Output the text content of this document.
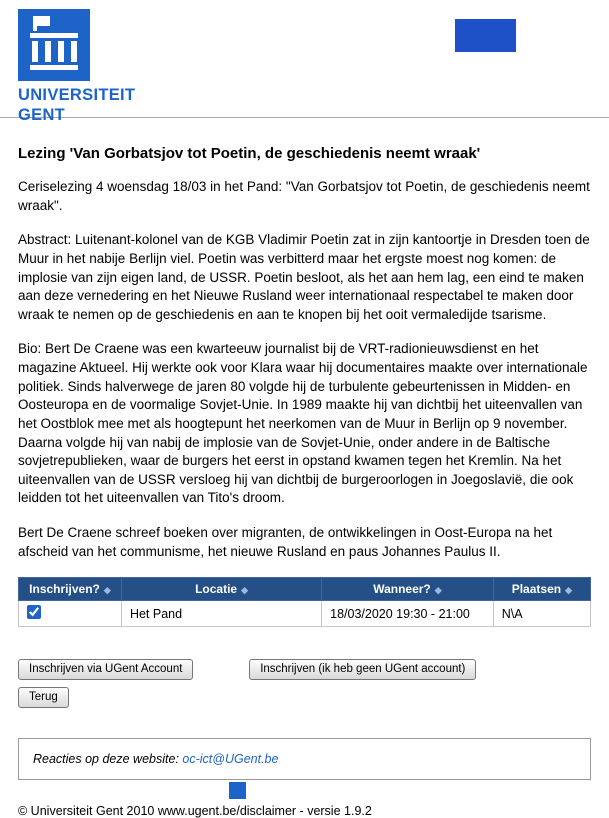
UNIVERSITEIT
GENT
Lezing 'Van Gorbatsjov tot Poetin, de geschiedenis neemt wraak'

Ceriselezing 4 woensdag 18/03 in het Pand: "Van Gorbatsjov tot Poetin, de geschiedenis neemt wraak".

Abstract: Luitenant-kolonel van de KGB Vladimir Poetin zat in zijn kantoortje in Dresden toen de Muur in het nabije Berlijn viel. Poetin was verbitterd maar het ergste moest nog komen: de implosie van zijn eigen land, de USSR. Poetin besloot, als het aan hem lag, een eind te maken aan deze vernedering en het Nieuwe Rusland weer internationaal respectabel te maken door wraak te nemen op de geschiedenis en aan te knopen bij het ooit vermaledijde tsarisme.

Bio: Bert De Craene was een kwarteeuw journalist bij de VRT-radionieuwsdienst en het magazine Aktueel. Hij werkte ook voor Klara waar hij documentaires maakte over internationale politiek. Sinds halverwege de jaren 80 volgde hij de turbulente gebeurtenissen in Midden- en Oosteuropa en de voormalige Sovjet-Unie. In 1989 maakte hij van dichtbij het uiteenvallen van het Oostblok mee met als hoogtepunt het neerkomen van de Muur in Berlijn op 9 november. Daarna volgde hij van nabij de implosie van de Sovjet-Unie, onder andere in de Baltische sovjetrepublieken, waar de burgers het eerst in opstand kwamen tegen het Kremlin. Na het uiteenvallen van de USSR versloeg hij van dichtbij de burgeroorlogen in Joegoslavië, die ook leidden tot het uiteenvallen van Tito's droom.

Bert De Craene schreef boeken over migranten, de ontwikkelingen in Oost-Europa na het afscheid van het communisme, het nieuwe Rusland en paus Johannes Paulus II.

Inschrijven? ◆	Locatie ◆	Wanneer? ◆	Plaatsen ◆
	Het Pand	18/03/2020 19:30 - 21:00	N\A
Inschrijven via UGent Account	Inschrijven (ik heb geen UGent account)
Terug
Reacties op deze website: oc-ict@UGent.be
© Universiteit Gent 2010 www.ugent.be/disclaimer - versie 1.9.2
